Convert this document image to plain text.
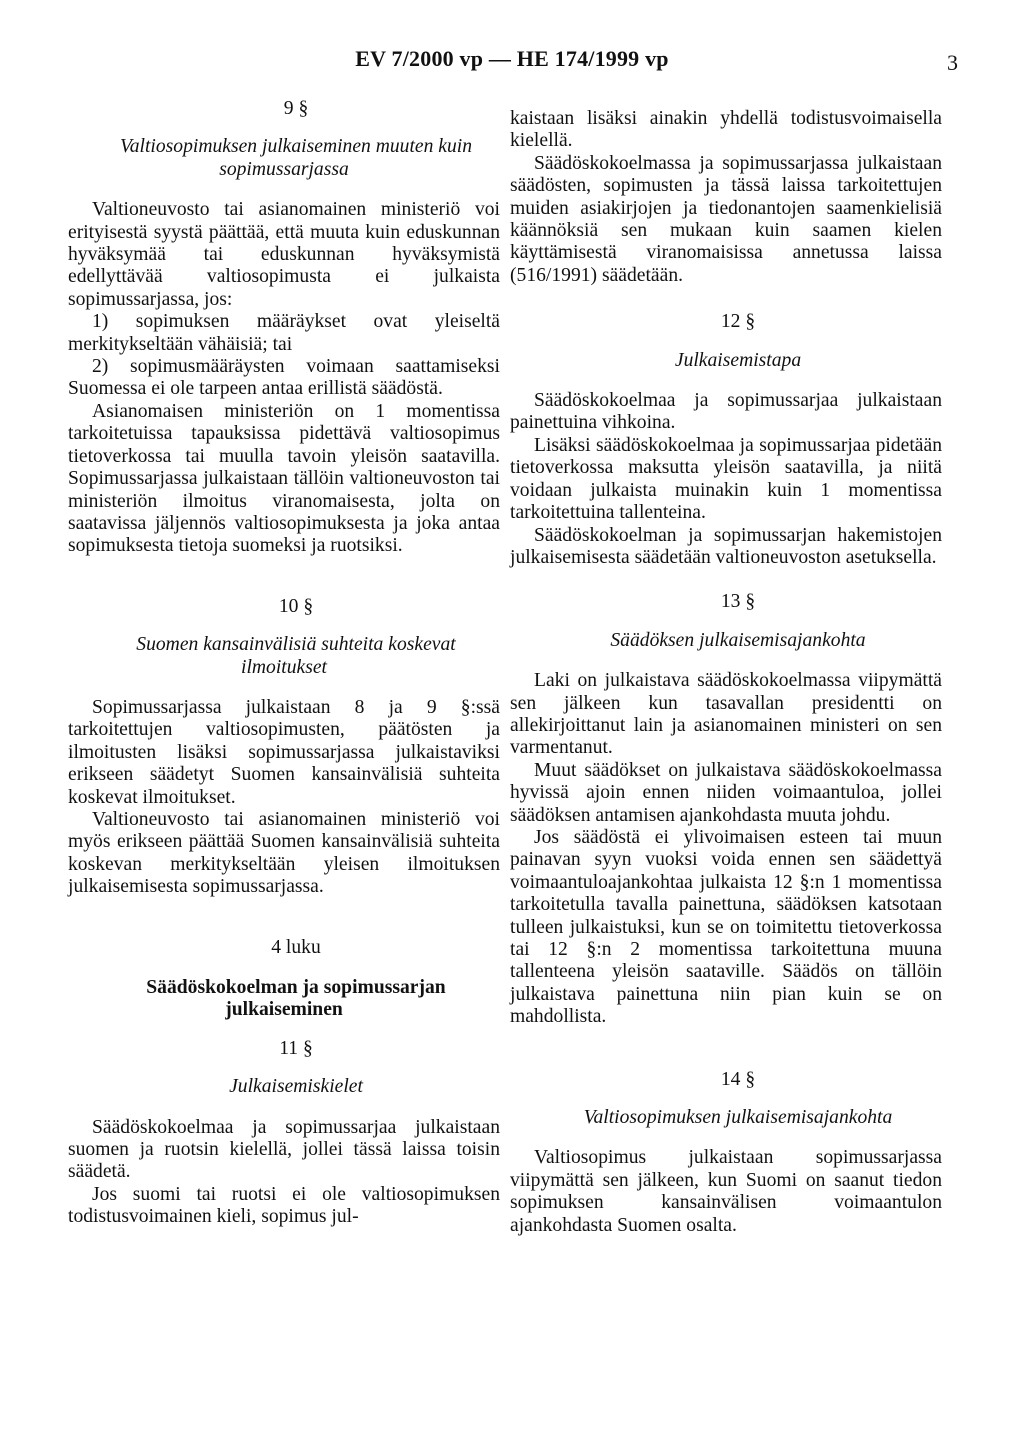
EV 7/2000 vp — HE 174/1999 vp	3

9 §

Valtiosopimuksen julkaiseminen muuten kuin sopimussarjassa

Valtioneuvosto tai asianomainen ministeriö voi erityisestä syystä päättää, että muuta kuin eduskunnan hyväksymää tai eduskunnan hyväksymistä edellyttävää valtiosopimusta ei julkaista sopimussarjassa, jos:

1) sopimuksen määräykset ovat yleiseltä merkitykseltään vähäisiä; tai

2) sopimusmääräysten voimaan saattamiseksi Suomessa ei ole tarpeen antaa erillistä säädöstä.

Asianomaisen ministeriön on 1 momentissa tarkoitetuissa tapauksissa pidettävä valtiosopimus tietoverkossa tai muulla tavoin yleisön saatavilla. Sopimussarjassa julkaistaan tällöin valtioneuvoston tai ministeriön ilmoitus viranomaisesta, jolta on saatavissa jäljennös valtiosopimuksesta ja joka antaa sopimuksesta tietoja suomeksi ja ruotsiksi.

10 §

Suomen kansainvälisiä suhteita koskevat ilmoitukset

Sopimussarjassa julkaistaan 8 ja 9 §:ssä tarkoitettujen valtiosopimusten, päätösten ja ilmoitusten lisäksi sopimussarjassa julkaistaviksi erikseen säädetyt Suomen kansainvälisiä suhteita koskevat ilmoitukset.

Valtioneuvosto tai asianomainen ministeriö voi myös erikseen päättää Suomen kansainvälisiä suhteita koskevan merkitykseltään yleisen ilmoituksen julkaisemisesta sopimussarjassa.

4 luku

Säädöskokoelman ja sopimussarjan julkaiseminen

11 §

Julkaisemiskielet

Säädöskokoelmaa ja sopimussarjaa julkaistaan suomen ja ruotsin kielellä, jollei tässä laissa toisin säädetä.

Jos suomi tai ruotsi ei ole valtiosopimuksen todistusvoimainen kieli, sopimus jul-

kaistaan lisäksi ainakin yhdellä todistusvoimaisella kielellä.

Säädöskokoelmassa ja sopimussarjassa julkaistaan säädösten, sopimusten ja tässä laissa tarkoitettujen muiden asiakirjojen ja tiedonantojen saamenkielisiä käännöksiä sen mukaan kuin saamen kielen käyttämisestä viranomaisissa annetussa laissa (516/1991) säädetään.

12 §

Julkaisemistapa

Säädöskokoelmaa ja sopimussarjaa julkaistaan painettuina vihkoina.

Lisäksi säädöskokoelmaa ja sopimussarjaa pidetään tietoverkossa maksutta yleisön saatavilla, ja niitä voidaan julkaista muinakin kuin 1 momentissa tarkoitettuina tallenteina.

Säädöskokoelman ja sopimussarjan hakemistojen julkaisemisesta säädetään valtioneuvoston asetuksella.

13 §

Säädöksen julkaisemisajankohta

Laki on julkaistava säädöskokoelmassa viipymättä sen jälkeen kun tasavallan presidentti on allekirjoittanut lain ja asianomainen ministeri on sen varmentanut.

Muut säädökset on julkaistava säädöskokoelmassa hyvissä ajoin ennen niiden voimaantuloa, jollei säädöksen antamisen ajankohdasta muuta johdu.

Jos säädöstä ei ylivoimaisen esteen tai muun painavan syyn vuoksi voida ennen sen säädettyä voimaantuloajankohtaa julkaista 12 §:n 1 momentissa tarkoitetulla tavalla painettuna, säädöksen katsotaan tulleen julkaistuksi, kun se on toimitettu tietoverkossa tai 12 §:n 2 momentissa tarkoitettuna muuna tallenteena yleisön saataville. Säädös on tällöin julkaistava painettuna niin pian kuin se on mahdollista.

14 §

Valtiosopimuksen julkaisemisajankohta

Valtiosopimus julkaistaan sopimussarjassa viipymättä sen jälkeen, kun Suomi on saanut tiedon sopimuksen kansainvälisen voimaantulon ajankohdasta Suomen osalta.
